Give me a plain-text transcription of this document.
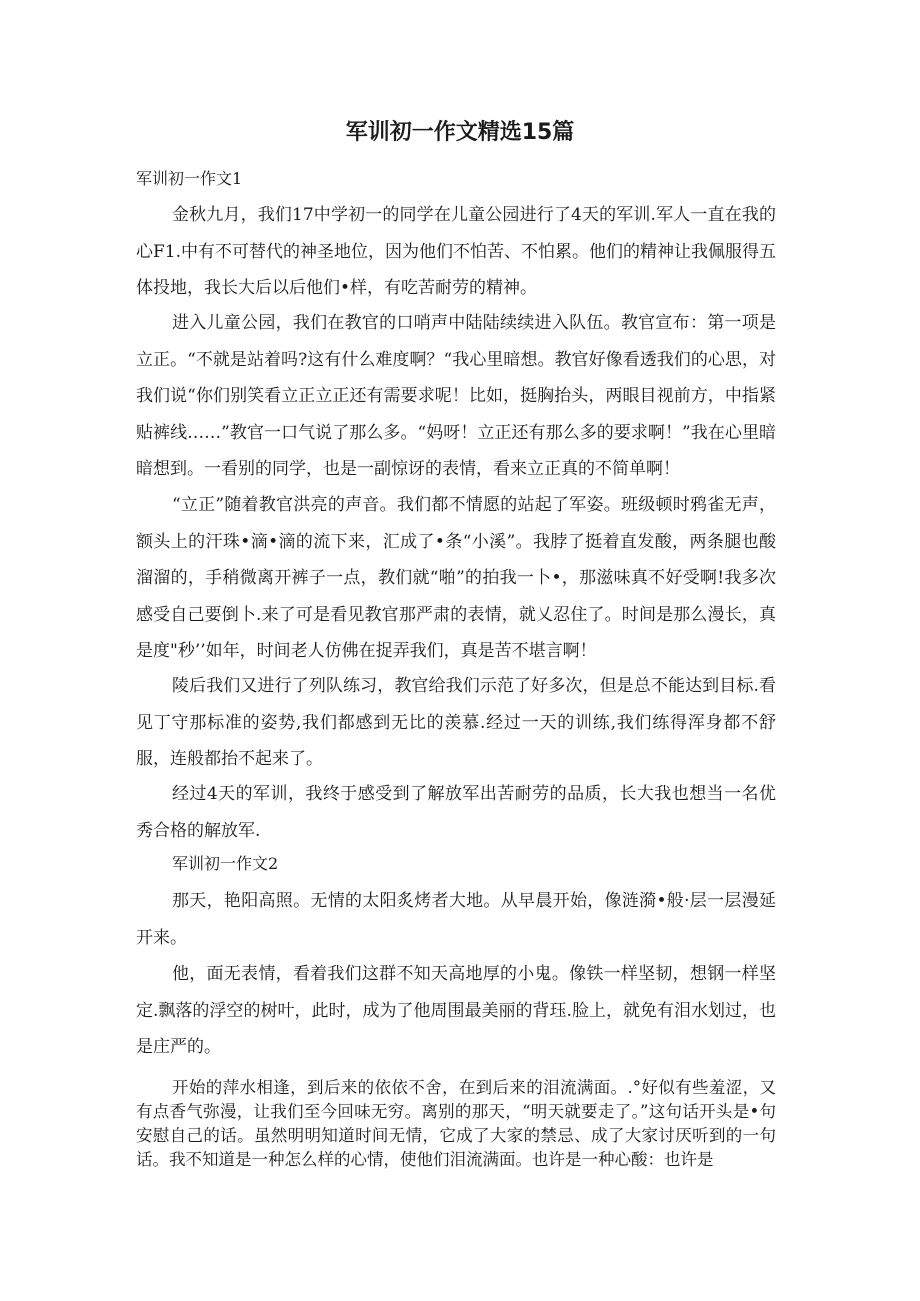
军训初一作文精选15篇
军训初一作文1

金秋九月，我们17中学初一的同学在儿童公园进行了4天的军训.军人一直在我的心F1.中有不可替代的神圣地位，因为他们不怕苦、不怕累。他们的精神让我佩服得五体投地，我长大后以后他们•样，有吃苦耐劳的精神。

进入儿童公园，我们在教官的口哨声中陆陆续续进入队伍。教官宣布：第一项是立正。“不就是站着吗?这有什么难度啊？“我心里暗想。教官好像看透我们的心思，对我们说“你们别笑看立正立正还有需要求呢！比如，挺胸抬头，两眼目视前方，中指紧贴裤线……”教官一口气说了那么多。“妈呀！立正还有那么多的要求啊！”我在心里暗暗想到。一看别的同学，也是一副惊讶的表情，看来立正真的不简单啊！

“立正”随着教官洪亮的声音。我们都不情愿的站起了军姿。班级顿时鸦雀无声，额头上的汗珠•滴•滴的流下来，汇成了•条“小溪”。我脖了挺着直发酸，两条腿也酸溜溜的，手稍微离开裤子一点，教们就“啪”的拍我一卜•，那滋味真不好受啊!我多次感受自己要倒卜.来了可是看见教官那严肃的表情，就乂忍住了。时间是那么漫长，真是度"秒’’如年，时间老人仿佛在捉弄我们，真是苦不堪言啊！

陵后我们又进行了列队练习，教官给我们示范了好多次，但是总不能达到目标.看见丁守那标准的姿势,我们都感到无比的羡慕.经过一天的训练,我们练得浑身都不舒服，连般都抬不起来了。

经过4天的军训，我终于感受到了解放军出苦耐劳的品质，长大我也想当一名优秀合格的解放军.

军训初一作文2

那天，艳阳高照。无情的太阳炙烤者大地。从早晨开始，像涟漪•般·层一层漫延开来。

他，面无表情，看着我们这群不知天高地厚的小鬼。像铁一样坚韧，想钢一样坚定.飘落的浮空的树叶，此时，成为了他周围最美丽的背珏.脸上，就免有泪水划过，也是庄严的。

开始的萍水相逢，到后来的依依不舍，在到后来的泪流满面。.°好似有些羞涩，又有点香气弥漫，让我们至今回味无穷。离别的那天，“明天就要走了。”这句话开头是•句安慰自己的话。虽然明明知道时间无情，它成了大家的禁忌、成了大家讨厌听到的一句话。我不知道是一种怎么样的心情，使他们泪流满面。也许是一种心酸：也许是
